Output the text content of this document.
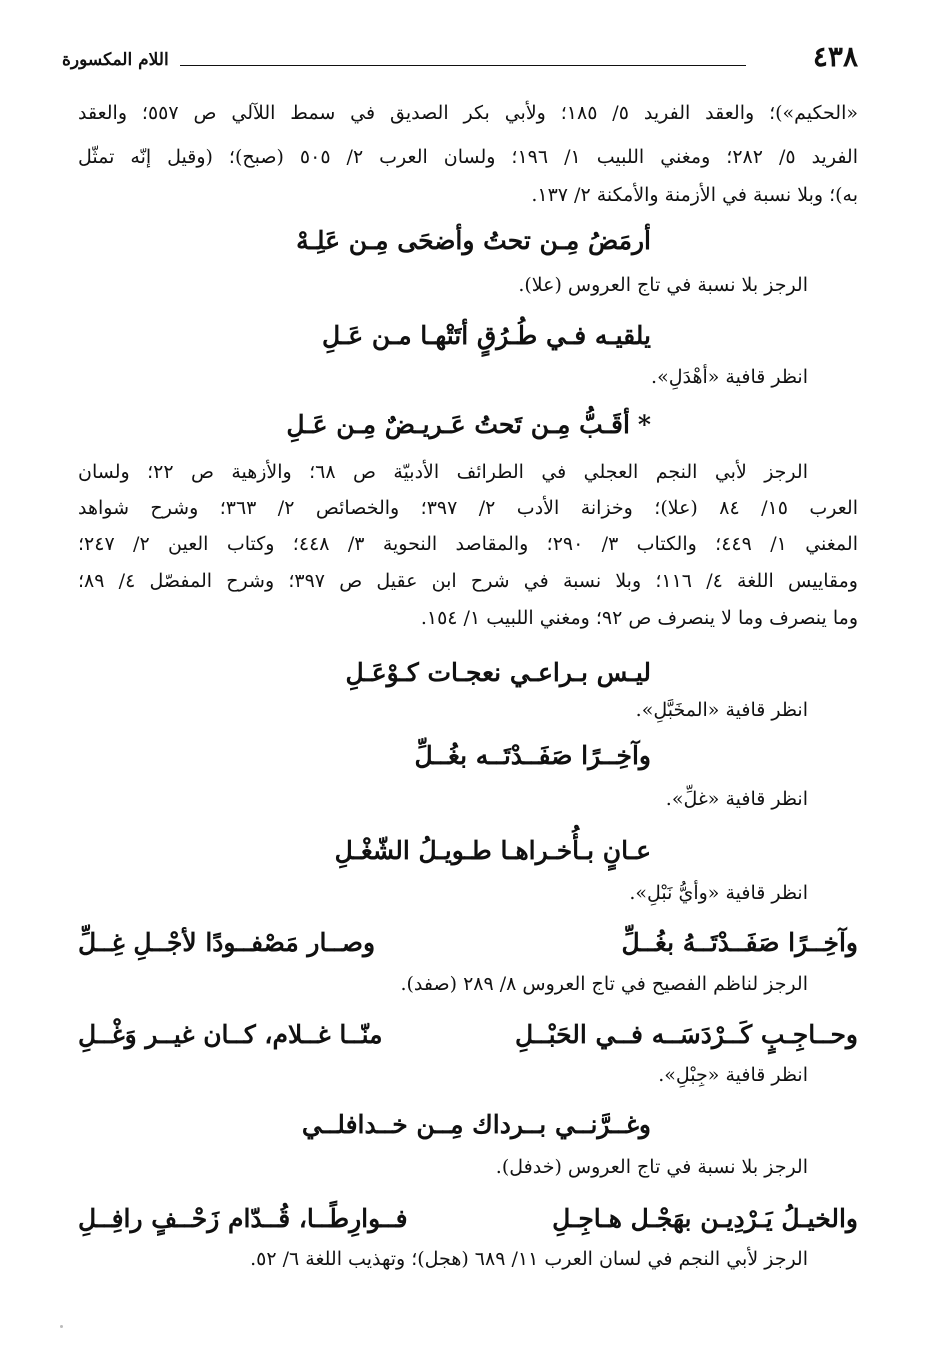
٤٣٨
اللام المكسورة
«الحكيم»)؛ والعقد الفريد ٥/ ١٨٥؛ ولأبي بكر الصديق في سمط اللآلي ص ٥٥٧؛ والعقد
الفريد ٥/ ٢٨٢؛ ومغني اللبيب ١/ ١٩٦؛ ولسان العرب ٢/ ٥٠٥ (صبح)؛ (وقيل إنّه تمثّل
به)؛ وبلا نسبة في الأزمنة والأمكنة ٢/ ١٣٧.
أرمَضُ مِـن تحتُ وأضحَى مِـن عَلِـهْ
الرجز بلا نسبة في تاج العروس (علا).
يلقيـه فـي طُـرُقٍ أتَتْهـا مـن عَـلِ
انظر قافية «أهْدَلِ».
*أقَـبُّ مِـن تَحتُ عَـريـضٌ مِـن عَـلِ
الرجز لأبي النجم العجلي في الطرائف الأدبيّة ص ٦٨؛ والأزهية ص ٢٢؛ ولسان
العرب ١٥/ ٨٤ (علا)؛ وخزانة الأدب ٢/ ٣٩٧؛ والخصائص ٢/ ٣٦٣؛ وشرح شواهد
المغني ١/ ٤٤٩؛ والكتاب ٣/ ٢٩٠؛ والمقاصد النحوية ٣/ ٤٤٨؛ وكتاب العين ٢/ ٢٤٧؛
ومقاييس اللغة ٤/ ١١٦؛ وبلا نسبة في شرح ابن عقيل ص ٣٩٧؛ وشرح المفصّل ٤/ ٨٩؛
وما ينصرف وما لا ينصرف ص ٩٢؛ ومغني اللبيب ١/ ١٥٤.
ليـس بـراعـي نعجـات كـوْعَـلِ
انظر قافية «المخَبَّلِ».
وآخِــرًا صَفَــدْتَــه بغُــلِّ
انظر قافية «غلِّ».
عـانٍ بـأُخـراهـا طـويـلُ الشّغْـلِ
انظر قافية «وأيُّ نَبْلِ».
وآخِــرًا صَفَــدْتَــهُ بغُــلِّ
وصــار مَصْفــودًا لأجْــلِ غِــلِّ
الرجز لناظم الفصيح في تاج العروس ٨/ ٢٨٩ (صفد).
وحــاجِـبٍ كَــرْدَسَــه فــي الحَبْــلِ
منّــا غــلام، كــان غيــر وَغْــلِ
انظر قافية «جِبْلِ».
وغــرَّنــي بــرداك مِــن خــدافلــي
الرجز بلا نسبة في تاج العروس (خدفل).
والخيـلُ يَـرْدِيـن بهَجْـل هـاجِـلِ
فــوارِطًــا، قُــدّام زَحْــفٍ رافِــلِ
الرجز لأبي النجم في لسان العرب ١١/ ٦٨٩ (هجل)؛ وتهذيب اللغة ٦/ ٥٢.
